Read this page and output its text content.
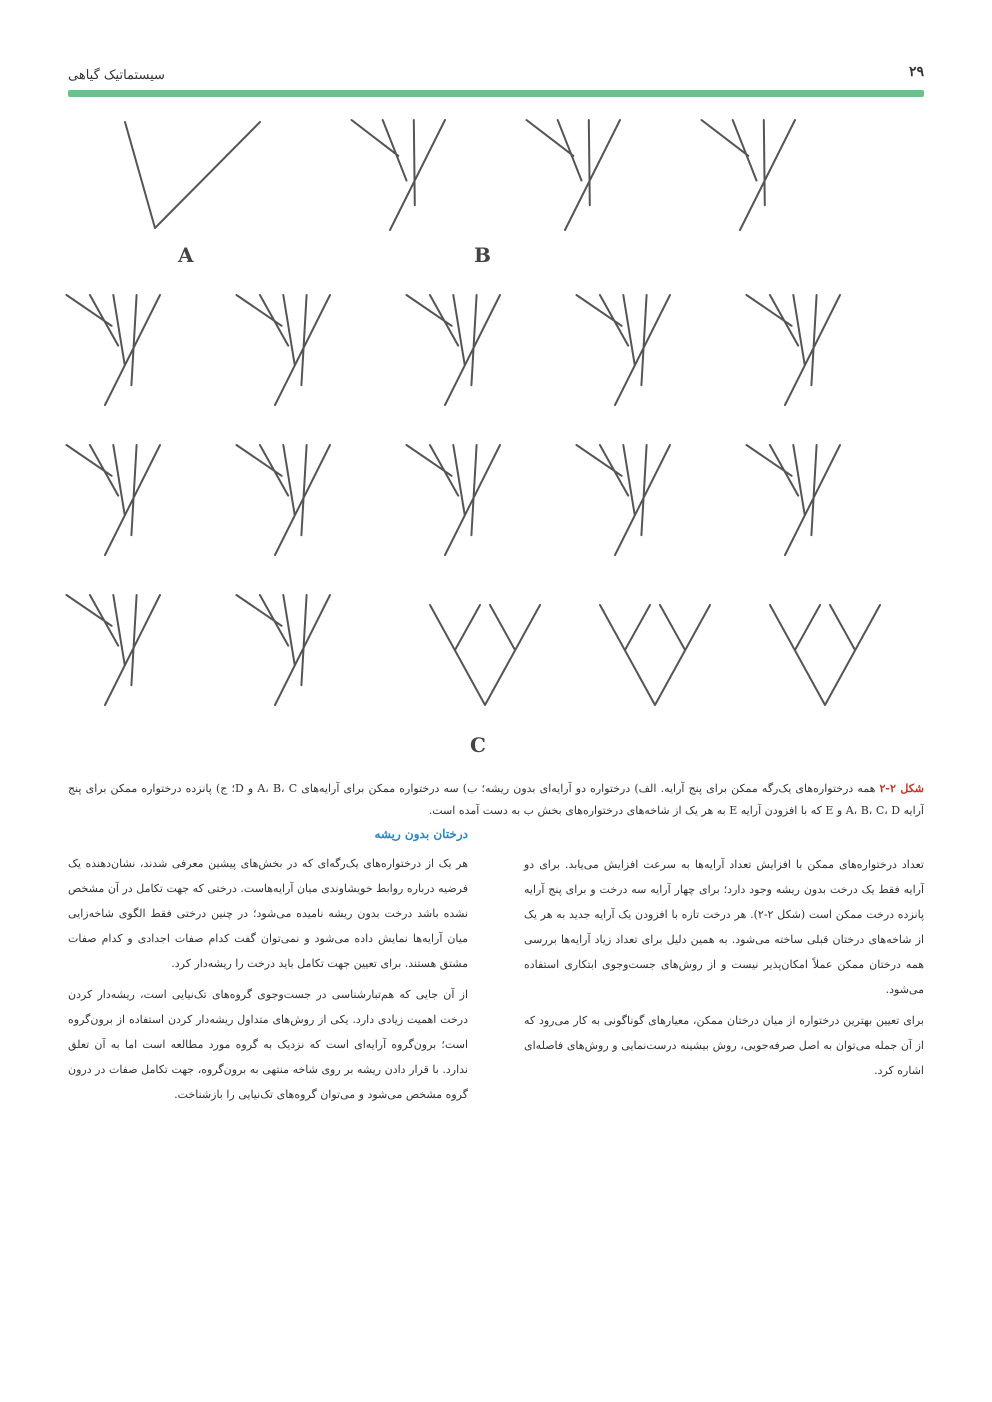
سیستماتیک گیاهی	۲۹
A	B
C
شکل ۲-۲همه درختواره‌های یک‌رگه ممکن برای پنج آرایه. الف) درختواره دو آرایه‌ای بدون ریشه؛ ب) سه درختواره ممکن برای آرایه‌های A، B، C و D؛ ج) پانزده درختواره ممکن برای پنج آرایه A، B، C، D و E که با افزودن آرایه E به هر یک از شاخه‌های درختواره‌های بخش ب به دست آمده است.

تعداد درختواره‌های ممکن با افزایش تعداد آرایه‌ها به سرعت افزایش می‌یابد. برای دو آرایه فقط یک درخت بدون ریشه وجود دارد؛ برای چهار آرایه سه درخت و برای پنج آرایه پانزده درخت ممکن است (شکل ۲-۲). هر درخت تازه با افزودن یک آرایه جدید به هر یک از شاخه‌های درختان قبلی ساخته می‌شود. به همین دلیل برای تعداد زیاد آرایه‌ها بررسی همه درختان ممکن عملاً امکان‌پذیر نیست و از روش‌های جست‌وجوی ابتکاری استفاده می‌شود.

برای تعیین بهترین درختواره از میان درختان ممکن، معیارهای گوناگونی به کار می‌رود که از آن جمله می‌توان به اصل صرفه‌جویی، روش بیشینه درست‌نمایی و روش‌های فاصله‌ای اشاره کرد.

درختان بدون ریشه

هر یک از درختواره‌های یک‌رگه‌ای که در بخش‌های پیشین معرفی شدند، نشان‌دهنده یک فرضیه درباره روابط خویشاوندی میان آرایه‌هاست. درختی که جهت تکامل در آن مشخص نشده باشد درخت بدون ریشه نامیده می‌شود؛ در چنین درختی فقط الگوی شاخه‌زایی میان آرایه‌ها نمایش داده می‌شود و نمی‌توان گفت کدام صفات اجدادی و کدام صفات مشتق هستند. برای تعیین جهت تکامل باید درخت را ریشه‌دار کرد.

از آن جایی که هم‌تبارشناسی در جست‌وجوی گروه‌های تک‌نیایی است، ریشه‌دار کردن درخت اهمیت زیادی دارد. یکی از روش‌های متداول ریشه‌دار کردن استفاده از برون‌گروه است؛ برون‌گروه آرایه‌ای است که نزدیک به گروه مورد مطالعه است اما به آن تعلق ندارد. با قرار دادن ریشه بر روی شاخه منتهی به برون‌گروه، جهت تکامل صفات در درون گروه مشخص می‌شود و می‌توان گروه‌های تک‌نیایی را بازشناخت.
